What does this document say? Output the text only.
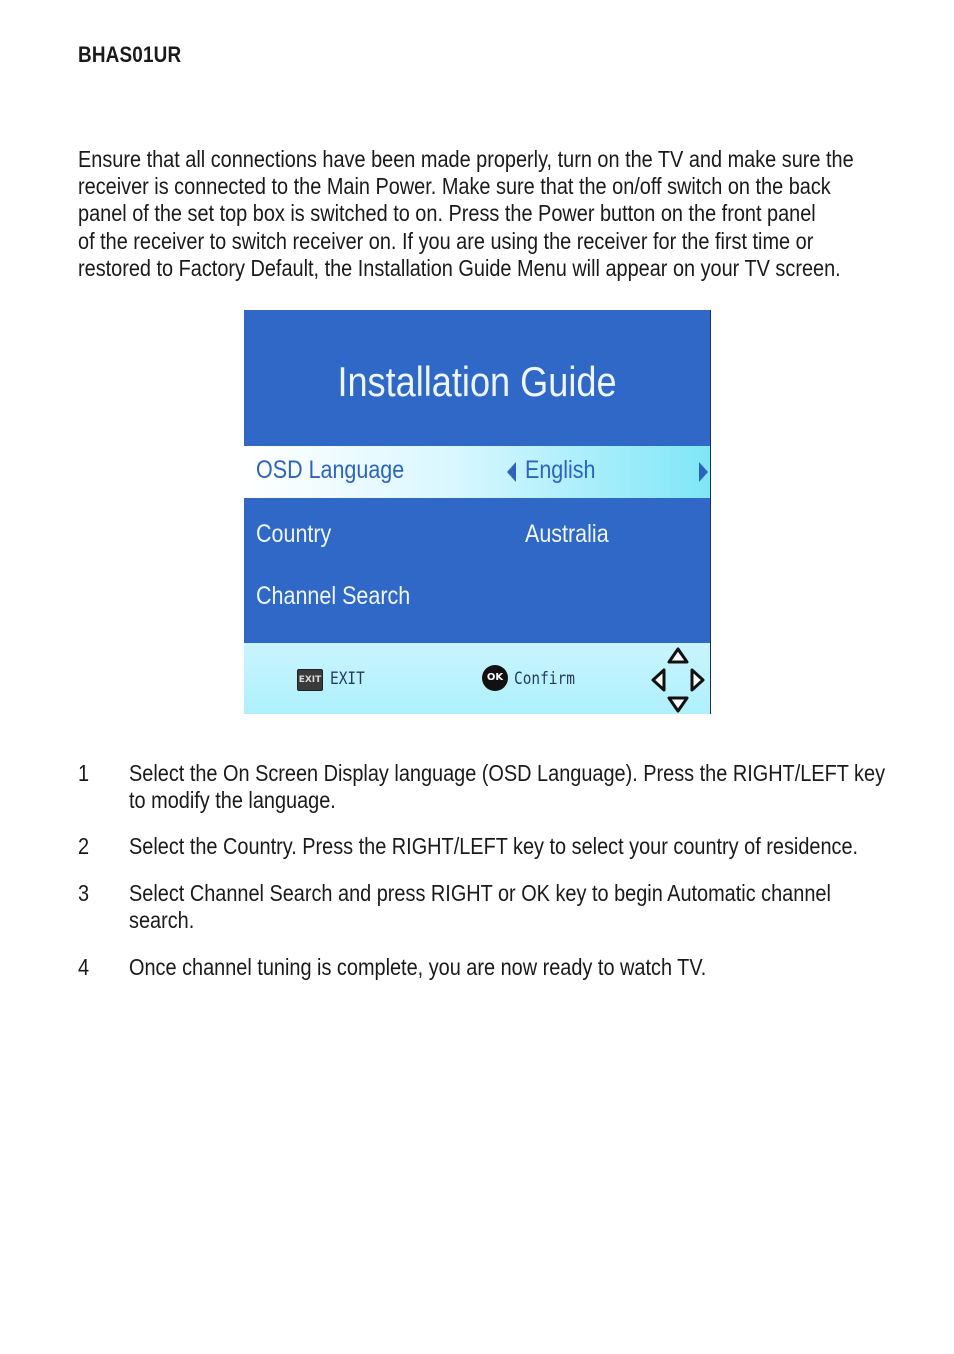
BHAS01UR
Ensure that all connections have been made properly, turn on the TV and make sure the
receiver is connected to the Main Power. Make sure that the on/off switch on the back
panel of the set top box is switched to on. Press the Power button on the front panel
of the receiver to switch receiver on. If you are using the receiver for the first time or
restored to Factory Default, the Installation Guide Menu will appear on your TV screen.
Installation Guide
OSD Language	English
Country	Australia
Channel Search
EXIT EXIT	OK Confirm
1 Select the On Screen Display language (OSD Language). Press the RIGHT/LEFT key
to modify the language.
2 Select the Country. Press the RIGHT/LEFT key to select your country of residence.
3 Select Channel Search and press RIGHT or OK key to begin Automatic channel
search.
4 Once channel tuning is complete, you are now ready to watch TV.
